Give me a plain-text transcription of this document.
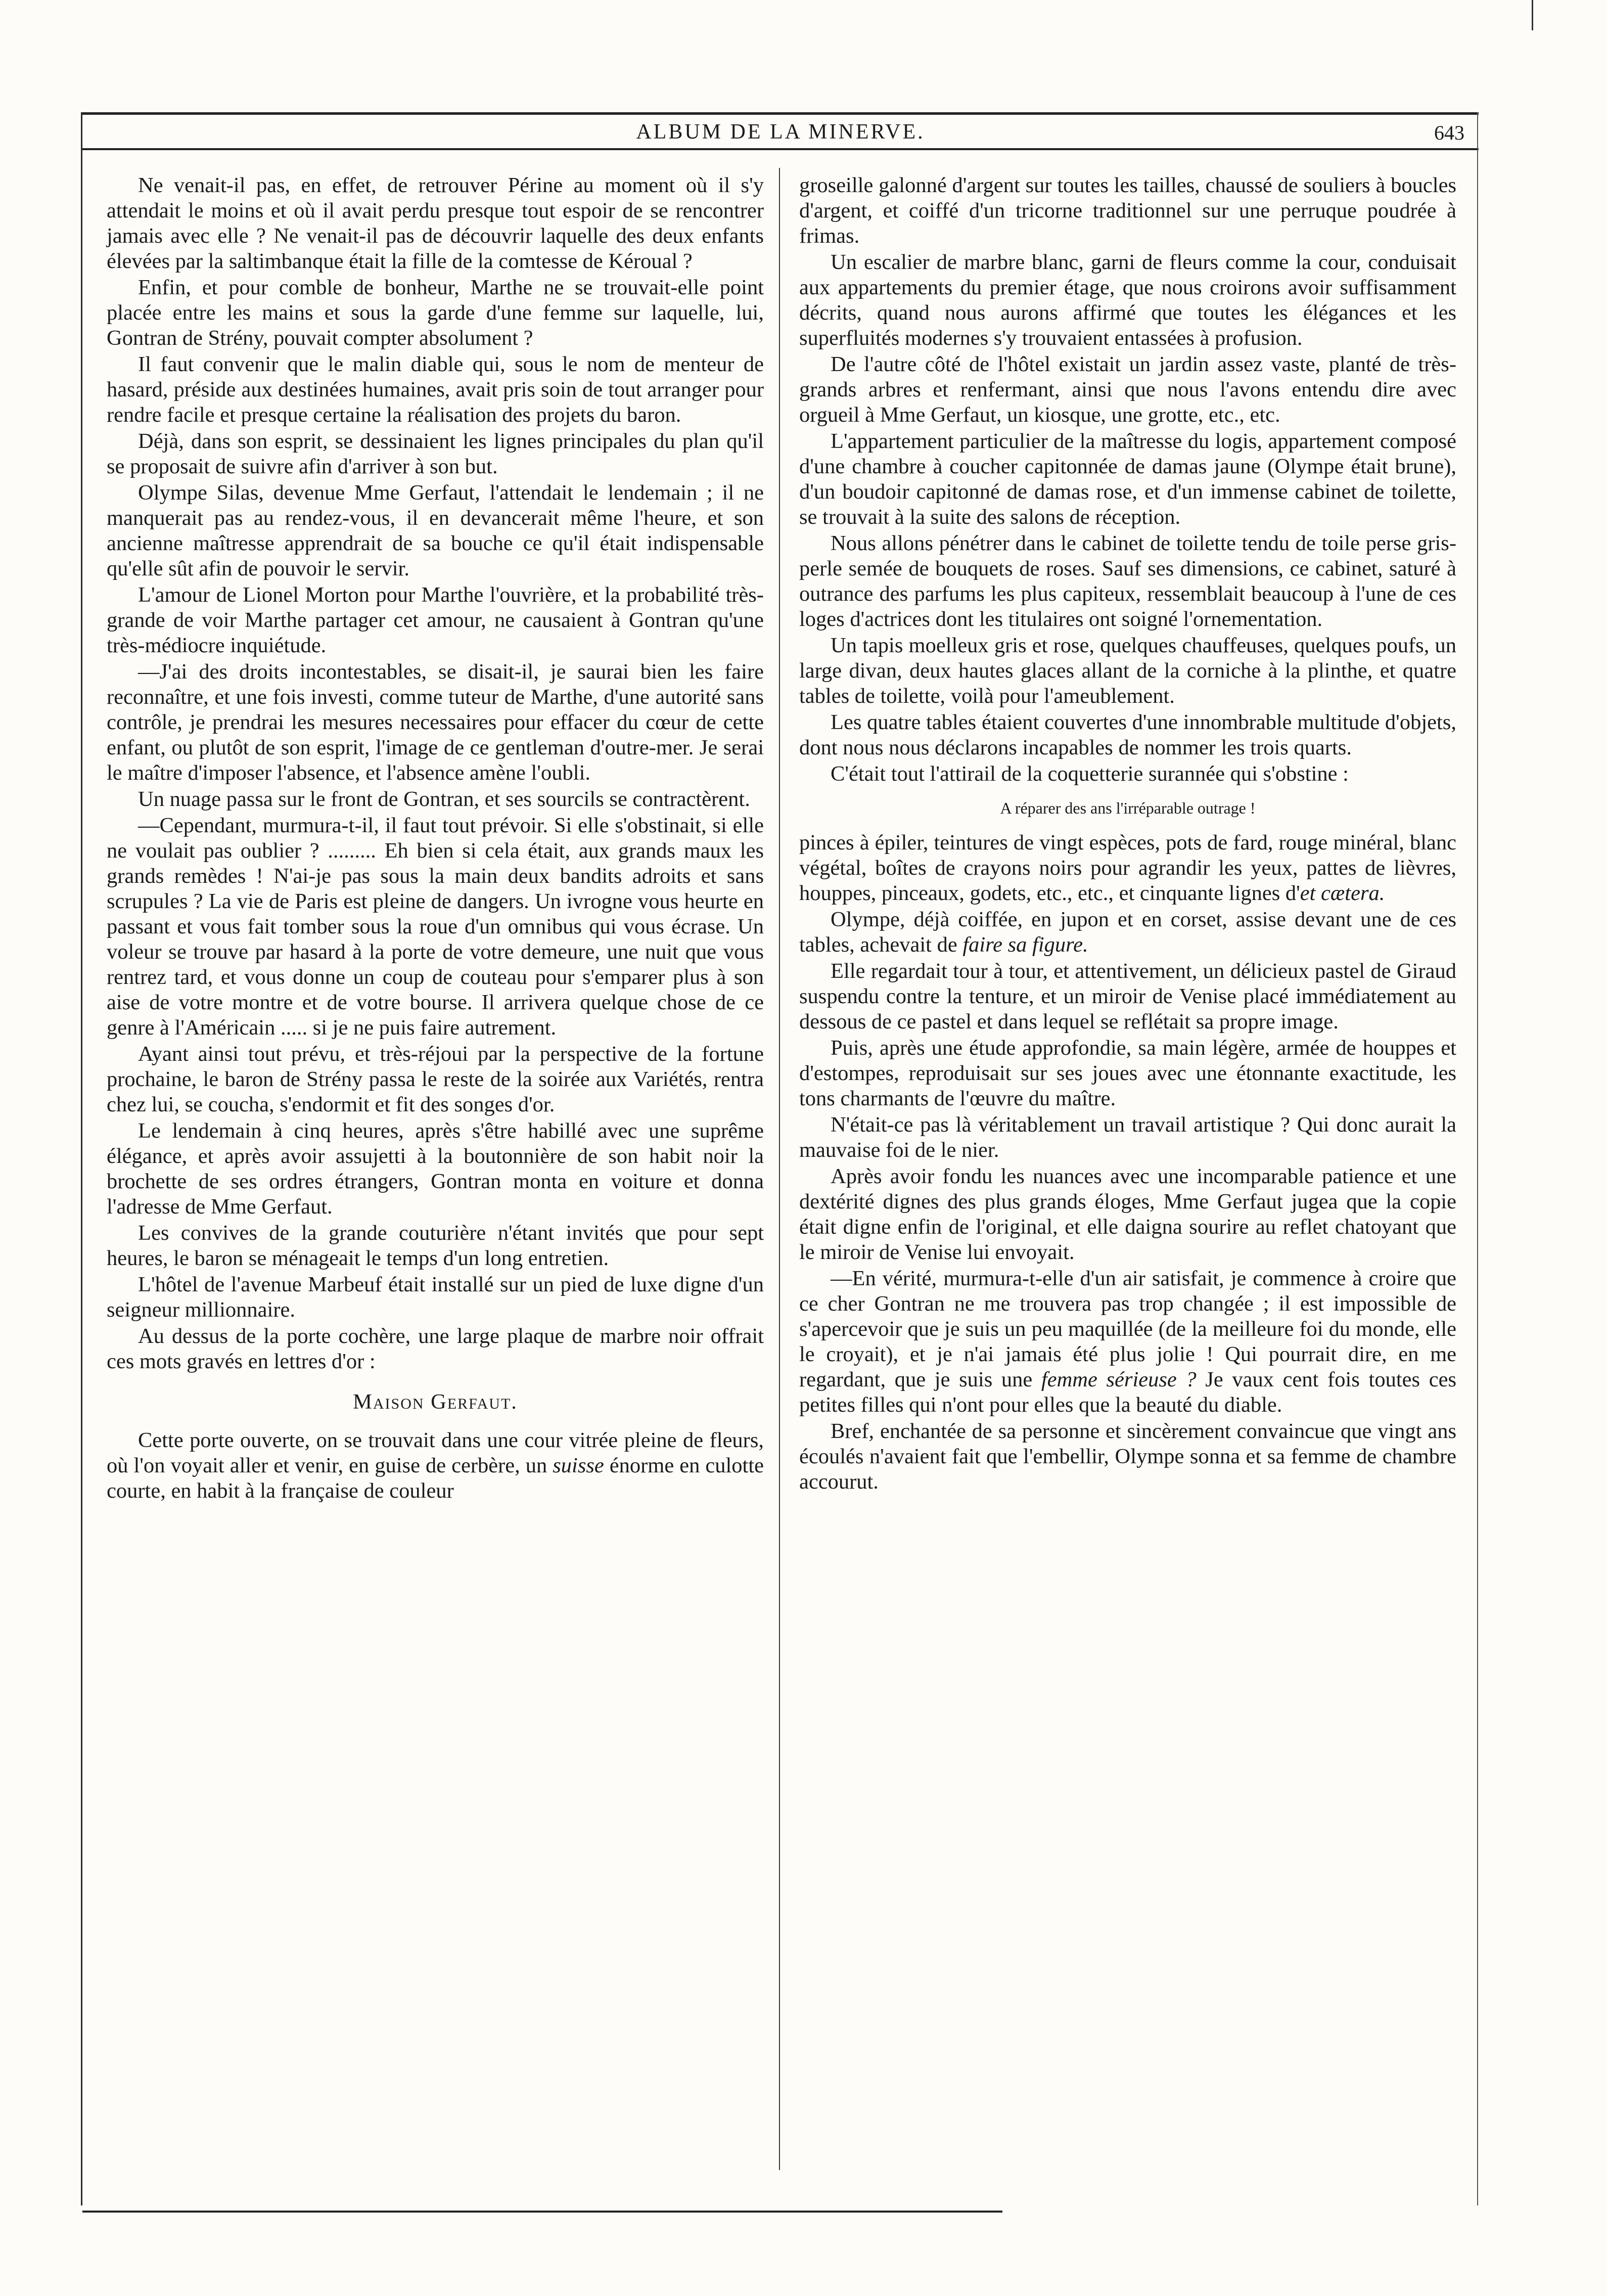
ALBUM DE LA MINERVE.	643

Ne venait-il pas, en effet, de retrouver Périne au moment où il s'y attendait le moins et où il avait perdu presque tout espoir de se rencontrer jamais avec elle ? Ne venait-il pas de découvrir laquelle des deux enfants élevées par la saltimbanque était la fille de la comtesse de Kéroual ?

Enfin, et pour comble de bonheur, Marthe ne se trouvait-elle point placée entre les mains et sous la garde d'une femme sur laquelle, lui, Gontran de Strény, pouvait compter absolument ?

Il faut convenir que le malin diable qui, sous le nom de menteur de hasard, préside aux destinées humaines, avait pris soin de tout arranger pour rendre facile et presque certaine la réalisation des projets du baron.

Déjà, dans son esprit, se dessinaient les lignes principales du plan qu'il se proposait de suivre afin d'arriver à son but.

Olympe Silas, devenue Mme Gerfaut, l'attendait le lendemain ; il ne manquerait pas au rendez-vous, il en devancerait même l'heure, et son ancienne maîtresse apprendrait de sa bouche ce qu'il était indispensable qu'elle sût afin de pouvoir le servir.

L'amour de Lionel Morton pour Marthe l'ouvrière, et la probabilité très-grande de voir Marthe partager cet amour, ne causaient à Gontran qu'une très-médiocre inquiétude.

—J'ai des droits incontestables, se disait-il, je saurai bien les faire reconnaître, et une fois investi, comme tuteur de Marthe, d'une autorité sans contrôle, je prendrai les mesures necessaires pour effacer du cœur de cette enfant, ou plutôt de son esprit, l'image de ce gentleman d'outre-mer. Je serai le maître d'imposer l'absence, et l'absence amène l'oubli.

Un nuage passa sur le front de Gontran, et ses sourcils se contractèrent.

—Cependant, murmura-t-il, il faut tout prévoir. Si elle s'obstinait, si elle ne voulait pas oublier ? ......... Eh bien si cela était, aux grands maux les grands remèdes ! N'ai-je pas sous la main deux bandits adroits et sans scrupules ? La vie de Paris est pleine de dangers. Un ivrogne vous heurte en passant et vous fait tomber sous la roue d'un omnibus qui vous écrase. Un voleur se trouve par hasard à la porte de votre demeure, une nuit que vous rentrez tard, et vous donne un coup de couteau pour s'emparer plus à son aise de votre montre et de votre bourse. Il arrivera quelque chose de ce genre à l'Américain ..... si je ne puis faire autrement.

Ayant ainsi tout prévu, et très-réjoui par la perspective de la fortune prochaine, le baron de Strény passa le reste de la soirée aux Variétés, rentra chez lui, se coucha, s'endormit et fit des songes d'or.

Le lendemain à cinq heures, après s'être habillé avec une suprême élégance, et après avoir assujetti à la boutonnière de son habit noir la brochette de ses ordres étrangers, Gontran monta en voiture et donna l'adresse de Mme Gerfaut.

Les convives de la grande couturière n'étant invités que pour sept heures, le baron se ménageait le temps d'un long entretien.

L'hôtel de l'avenue Marbeuf était installé sur un pied de luxe digne d'un seigneur millionnaire.

Au dessus de la porte cochère, une large plaque de marbre noir offrait ces mots gravés en lettres d'or :

Maison Gerfaut.

Cette porte ouverte, on se trouvait dans une cour vitrée pleine de fleurs, où l'on voyait aller et venir, en guise de cerbère, un suisse énorme en culotte courte, en habit à la française de couleur

groseille galonné d'argent sur toutes les tailles, chaussé de souliers à boucles d'argent, et coiffé d'un tricorne traditionnel sur une perruque poudrée à frimas.

Un escalier de marbre blanc, garni de fleurs comme la cour, conduisait aux appartements du premier étage, que nous croirons avoir suffisamment décrits, quand nous aurons affirmé que toutes les élégances et les superfluités modernes s'y trouvaient entassées à profusion.

De l'autre côté de l'hôtel existait un jardin assez vaste, planté de très-grands arbres et renfermant, ainsi que nous l'avons entendu dire avec orgueil à Mme Gerfaut, un kiosque, une grotte, etc., etc.

L'appartement particulier de la maîtresse du logis, appartement composé d'une chambre à coucher capitonnée de damas jaune (Olympe était brune), d'un boudoir capitonné de damas rose, et d'un immense cabinet de toilette, se trouvait à la suite des salons de réception.

Nous allons pénétrer dans le cabinet de toilette tendu de toile perse gris-perle semée de bouquets de roses. Sauf ses dimensions, ce cabinet, saturé à outrance des parfums les plus capiteux, ressemblait beaucoup à l'une de ces loges d'actrices dont les titulaires ont soigné l'ornementation.

Un tapis moelleux gris et rose, quelques chauffeuses, quelques poufs, un large divan, deux hautes glaces allant de la corniche à la plinthe, et quatre tables de toilette, voilà pour l'ameublement.

Les quatre tables étaient couvertes d'une innombrable multitude d'objets, dont nous nous déclarons incapables de nommer les trois quarts.

C'était tout l'attirail de la coquetterie surannée qui s'obstine :

A réparer des ans l'irréparable outrage !

pinces à épiler, teintures de vingt espèces, pots de fard, rouge minéral, blanc végétal, boîtes de crayons noirs pour agrandir les yeux, pattes de lièvres, houppes, pinceaux, godets, etc., etc., et cinquante lignes d'et cætera.

Olympe, déjà coiffée, en jupon et en corset, assise devant une de ces tables, achevait de faire sa figure.

Elle regardait tour à tour, et attentivement, un délicieux pastel de Giraud suspendu contre la tenture, et un miroir de Venise placé immédiatement au dessous de ce pastel et dans lequel se reflétait sa propre image.

Puis, après une étude approfondie, sa main légère, armée de houppes et d'estompes, reproduisait sur ses joues avec une étonnante exactitude, les tons charmants de l'œuvre du maître.

N'était-ce pas là véritablement un travail artistique ? Qui donc aurait la mauvaise foi de le nier.

Après avoir fondu les nuances avec une incomparable patience et une dextérité dignes des plus grands éloges, Mme Gerfaut jugea que la copie était digne enfin de l'original, et elle daigna sourire au reflet chatoyant que le miroir de Venise lui envoyait.

—En vérité, murmura-t-elle d'un air satisfait, je commence à croire que ce cher Gontran ne me trouvera pas trop changée ; il est impossible de s'apercevoir que je suis un peu maquillée (de la meilleure foi du monde, elle le croyait), et je n'ai jamais été plus jolie ! Qui pourrait dire, en me regardant, que je suis une femme sérieuse ? Je vaux cent fois toutes ces petites filles qui n'ont pour elles que la beauté du diable.

Bref, enchantée de sa personne et sincèrement convaincue que vingt ans écoulés n'avaient fait que l'embellir, Olympe sonna et sa femme de chambre accourut.
